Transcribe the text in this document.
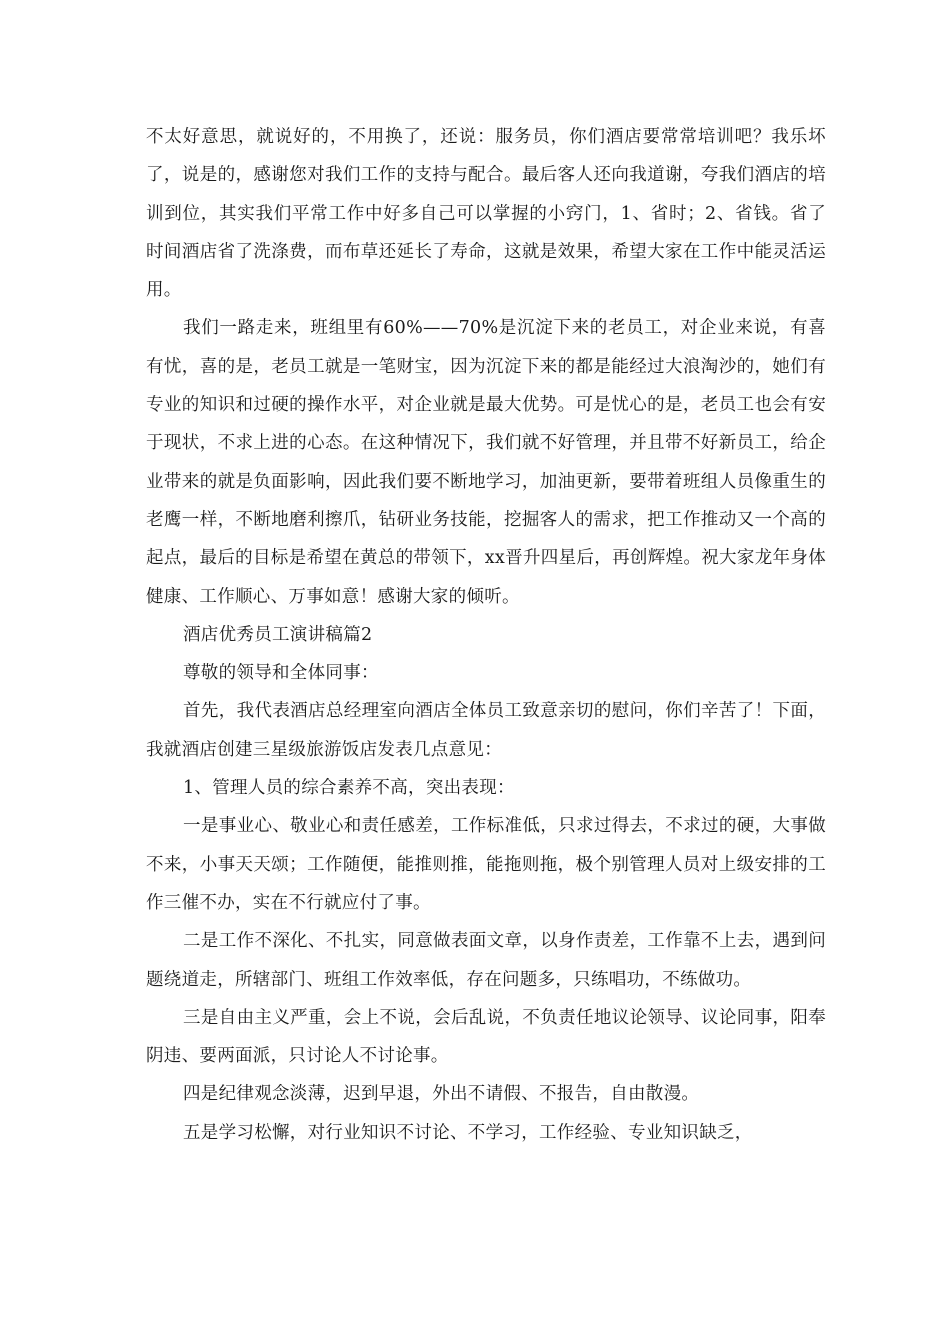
不太好意思，就说好的，不用换了，还说：服务员，你们酒店要常常培训吧？我乐坏了，说是的，感谢您对我们工作的支持与配合。最后客人还向我道谢，夸我们酒店的培训到位，其实我们平常工作中好多自己可以掌握的小窍门，1、省时；2、省钱。省了时间酒店省了洗涤费，而布草还延长了寿命，这就是效果，希望大家在工作中能灵活运用。

我们一路走来，班组里有60%——70%是沉淀下来的老员工，对企业来说，有喜有忧，喜的是，老员工就是一笔财宝，因为沉淀下来的都是能经过大浪淘沙的，她们有专业的知识和过硬的操作水平，对企业就是最大优势。可是忧心的是，老员工也会有安于现状，不求上进的心态。在这种情况下，我们就不好管理，并且带不好新员工，给企业带来的就是负面影响，因此我们要不断地学习，加油更新，要带着班组人员像重生的老鹰一样，不断地磨利擦爪，钻研业务技能，挖掘客人的需求，把工作推动又一个高的起点，最后的目标是希望在黄总的带领下，xx晋升四星后，再创辉煌。祝大家龙年身体健康、工作顺心、万事如意！感谢大家的倾听。

酒店优秀员工演讲稿篇2

尊敬的领导和全体同事：

首先，我代表酒店总经理室向酒店全体员工致意亲切的慰问，你们辛苦了！下面，我就酒店创建三星级旅游饭店发表几点意见：

1、管理人员的综合素养不高，突出表现：

一是事业心、敬业心和责任感差，工作标准低，只求过得去，不求过的硬，大事做不来，小事天天颂；工作随便，能推则推，能拖则拖，极个别管理人员对上级安排的工作三催不办，实在不行就应付了事。

二是工作不深化、不扎实，同意做表面文章，以身作责差，工作靠不上去，遇到问题绕道走，所辖部门、班组工作效率低，存在问题多，只练唱功，不练做功。

三是自由主义严重，会上不说，会后乱说，不负责任地议论领导、议论同事，阳奉阴违、要两面派，只讨论人不讨论事。

四是纪律观念淡薄，迟到早退，外出不请假、不报告，自由散漫。

五是学习松懈，对行业知识不讨论、不学习，工作经验、专业知识缺乏，
